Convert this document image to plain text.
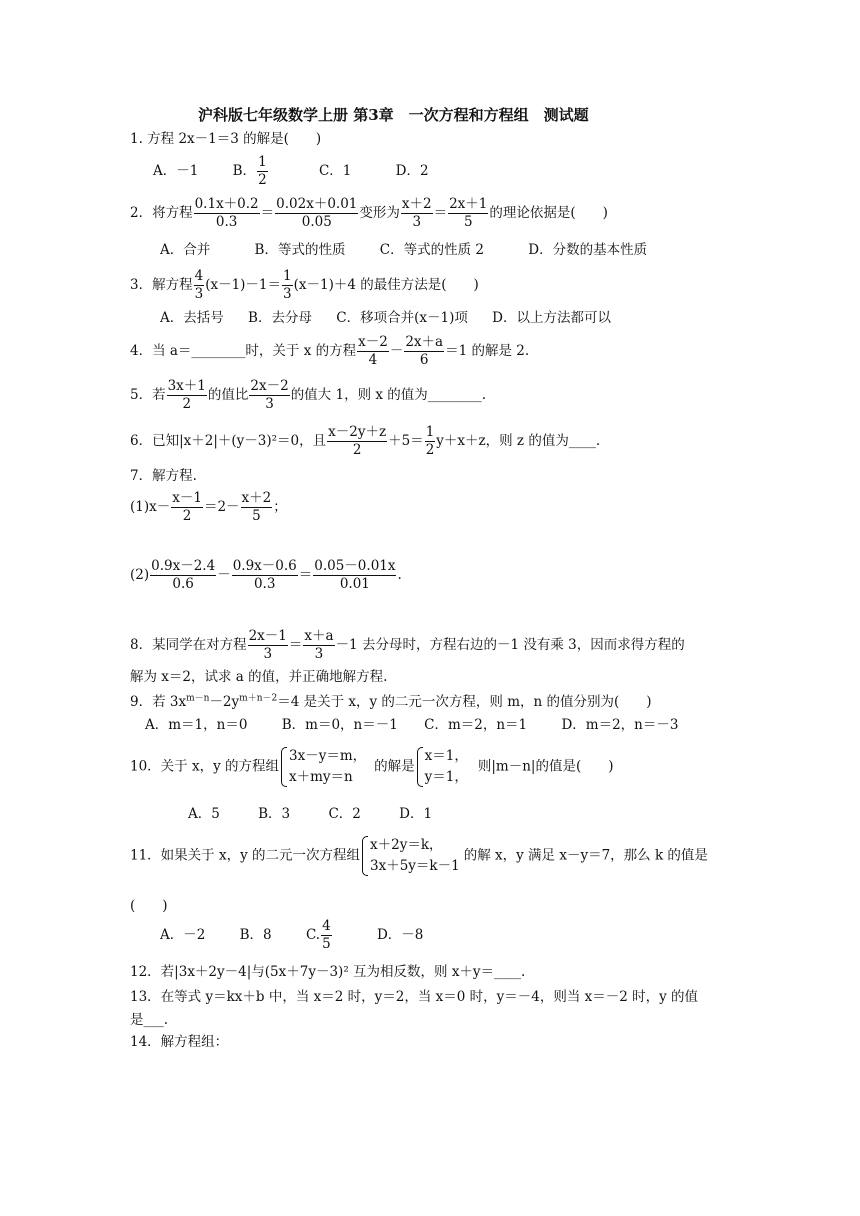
沪科版七年级数学上册 第3章　一次方程和方程组　测试题
1. 方程 2x－1＝3 的解是(　　)
A．－1	B． $\frac{1}{2}$	C．1	D．2
2．将方程 $\frac{0.1x+0.2}{0.3} = \frac{0.02x+0.01}{0.05}$ 变形为 $\frac{x+2}{3} = \frac{2x+1}{5}$ 的理论依据是(　　)
A．合并	B．等式的性质	C．等式的性质 2	D．分数的基本性质
3．解方程 $\frac{4}{3} (x-1)-1= \frac{1}{3} (x-1)+4$ 的最佳方法是(　　)
A．去括号 B．去分母 C．移项合并(x－1)项 D．以上方法都可以
4．当 a＝________时，关于 x 的方程 $\frac{x-2}{4} - \frac{2x+a}{6} =1$ 的解是 2.
5．若 $\frac{3x+1}{2}$ 的值比 $\frac{2x-2}{3}$ 的值大 1，则 x 的值为________.
6．已知|x＋2|＋(y－3)²＝0，且 $\frac{x-2y+z}{2} +5= \frac{1}{2} y+x+z$，则 z 的值为____.
7．解方程.
$(1)x- \frac{x-1}{2} =2- \frac{x+2}{5}$ ；
$(2) \frac{0.9x-2.4}{0.6} - \frac{0.9x-0.6}{0.3} = \frac{0.05-0.01x}{0.01}$ .
8．某同学在对方程 $\frac{2x-1}{3} = \frac{x+a}{3} -1$ 去分母时，方程右边的－1 没有乘 3，因而求得方程的
解为 x＝2，试求 a 的值，并正确地解方程.
9．若 $3x^{m-n}-2y^{m+n-2}=4$ 是关于 x，y 的二元一次方程，则 m，n 的值分别为(　　)
A．m＝1，n＝0	B．m＝0，n＝－1 C．m＝2，n＝1	D．m＝2，n＝－3
10．关于 x，y 的方程组
3x－y＝m，
x＋my＝n
的解是
x＝1，
y＝1，
则|m－n|的值是(　　)
A．5	B．3	C．2	D．1
11．如果关于 x，y 的二元一次方程组
x＋2y＝k，
3x＋5y＝k－1
的解 x，y 满足 x－y＝7，那么 k 的值是
(　　)
A．－2	B．8	C. $\frac{4}{5}$	D．－8
12．若|3x＋2y－4|与(5x＋7y－3)² 互为相反数，则 x＋y＝____.
13．在等式 y＝kx＋b 中，当 x＝2 时，y＝2，当 x＝0 时，y＝－4，则当 x＝－2 时，y 的值
是___.
14．解方程组：
